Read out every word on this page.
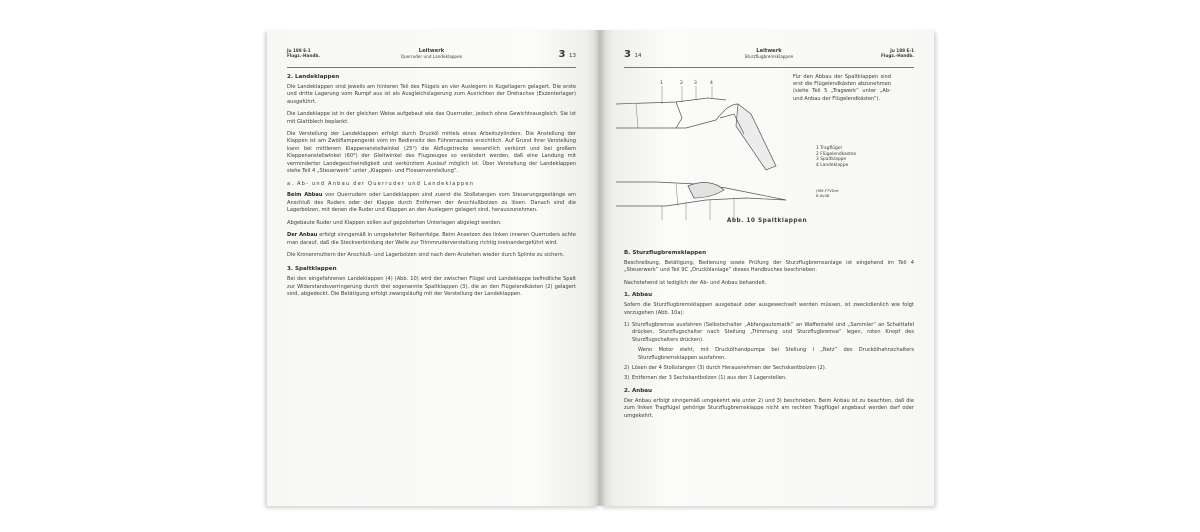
Ju 188 E-1
Flugz.-Handb.
Leitwerk
Querruder und Landeklappen	3 13
2. Landeklappen

Die Landeklappen sind jeweils am hinteren Teil des Flügels an vier Auslegern in Kugellagern gelagert. Die erste und dritte Lagerung vom Rumpf aus ist als Ausgleichslagerung zum Ausrichten der Drehachse (Exzenterlager) ausgeführt.

Die Landeklappe ist in der gleichen Weise aufgebaut wie das Querruder, jedoch ohne Gewichtsausgleich. Sie ist mit Glattblech beplankt.

Die Verstellung der Landeklappen erfolgt durch Drucköl mittels eines Arbeitszylinders. Die Anstellung der Klappen ist am Zwölflampengerät vom im Bediensitz des Führerraumes ersichtlich. Auf Grund ihrer Verstellung kann bei mittlerem Klappenanstellwinkel (25°) die Abflugstrecke wesentlich verkürzt und bei großem Klappenanstellwinkel (60°) der Gleitwinkel des Flugzeuges so verändert werden, daß eine Landung mit verminderter Landegeschwindigkeit und verkürztem Auslauf möglich ist. Über Verstellung der Landeklappen siehe Teil 4 „Steuerwerk“ unter „Klappen- und Flossenverstellung“.

a. Ab- und Anbau der Querruder und Landeklappen

Beim Abbau von Querrudern oder Landeklappen sind zuerst die Stoßstangen vom Steuerungsgestänge am Anschluß des Ruders oder der Klappe durch Entfernen der Anschlußbolzen zu lösen. Danach sind die Lagerbolzen, mit denen die Ruder und Klappen an den Auslegern gelagert sind, herauszunehmen.

Abgebaute Ruder und Klappen sollen auf gepolsterten Unterlagen abgelegt werden.

Der Anbau erfolgt sinngemäß in umgekehrter Reihenfolge. Beim Ansetzen des linken inneren Querruders achte man darauf, daß die Steckverbindung der Welle zur Trimmruderverstellung richtig ineinandergeführt wird.

Die Kronenmuttern der Anschluß- und Lagerbolzen sind nach dem Anziehen wieder durch Splinte zu sichern.

3. Spaltklappen

Bei den eingefahrenen Landeklappen (4) (Abb. 10) wird der zwischen Flügel und Landeklappe befindliche Spalt zur Widerstandsverringerung durch drei sogenannte Spaltklappen (3), die an den Flügelendkästen (2) gelagert sind, abgedeckt. Die Betätigung erfolgt zwangsläufig mit der Verstellung der Landeklappen.

3 14
Leitwerk
Sturzflugbremsklappen
Ju 188 E-1
Flugz.-Handb.
1	2 3	4
Für den Abbau der Spaltklappen sind erst die Flügelendkästen abzunehmen (siehe Teil 5 „Tragwerk“ unter „Ab- und Anbau der Flügelendkästen“).
1 Tragflügel
2 Flügelendkasten
3 Spaltklappe
4 Landeklappe
(RM-FTVDre
B.III/48
Abb. 10 Spaltklappen
B. Sturzflugbremsklappen

Beschreibung, Betätigung, Bedienung sowie Prüfung der Sturzflugbremsanlage ist eingehend im Teil 4 „Steuerwerk“ und Teil 9C „Druckölanlage“ dieses Handbuches beschrieben.

Nachstehend ist lediglich der Ab- und Anbau behandelt.

1. Abbau

Sofern die Sturzflugbremsklappen ausgebaut oder ausgewechselt werden müssen, ist zweckdienlich wie folgt vorzugehen (Abb. 10a):

1) Sturzflugbremse ausfahren (Selbstschalter „Abfangautomatik“ an Waffentafel und „Sammler“ an Schalttafel drücken, Sturzflugschalter nach Steilung „Trimmung und Sturzflugbremse“ legen, roten Knopf des Sturzflugschalters drücken).
Wenn Motor steht, mit Druckölhandpumpe bei Stellung I „Netz“ des Druckölhahnschalters Sturzflugbremsklappen ausfahren.
2) Lösen der 4 Stoßstangen (3) durch Herausnehmen der Sechskantbolzen (2).
3) Entfernen der 3 Sechskantbolzen (1) aus den 3 Lagerstellen.
2. Anbau

Der Anbau erfolgt sinngemäß umgekehrt wie unter 2) und 3) beschrieben. Beim Anbau ist zu beachten, daß die zum linken Tragflügel gehörige Sturzflugbremsklappe nicht am rechten Tragflügel angebaut werden darf oder umgekehrt.
